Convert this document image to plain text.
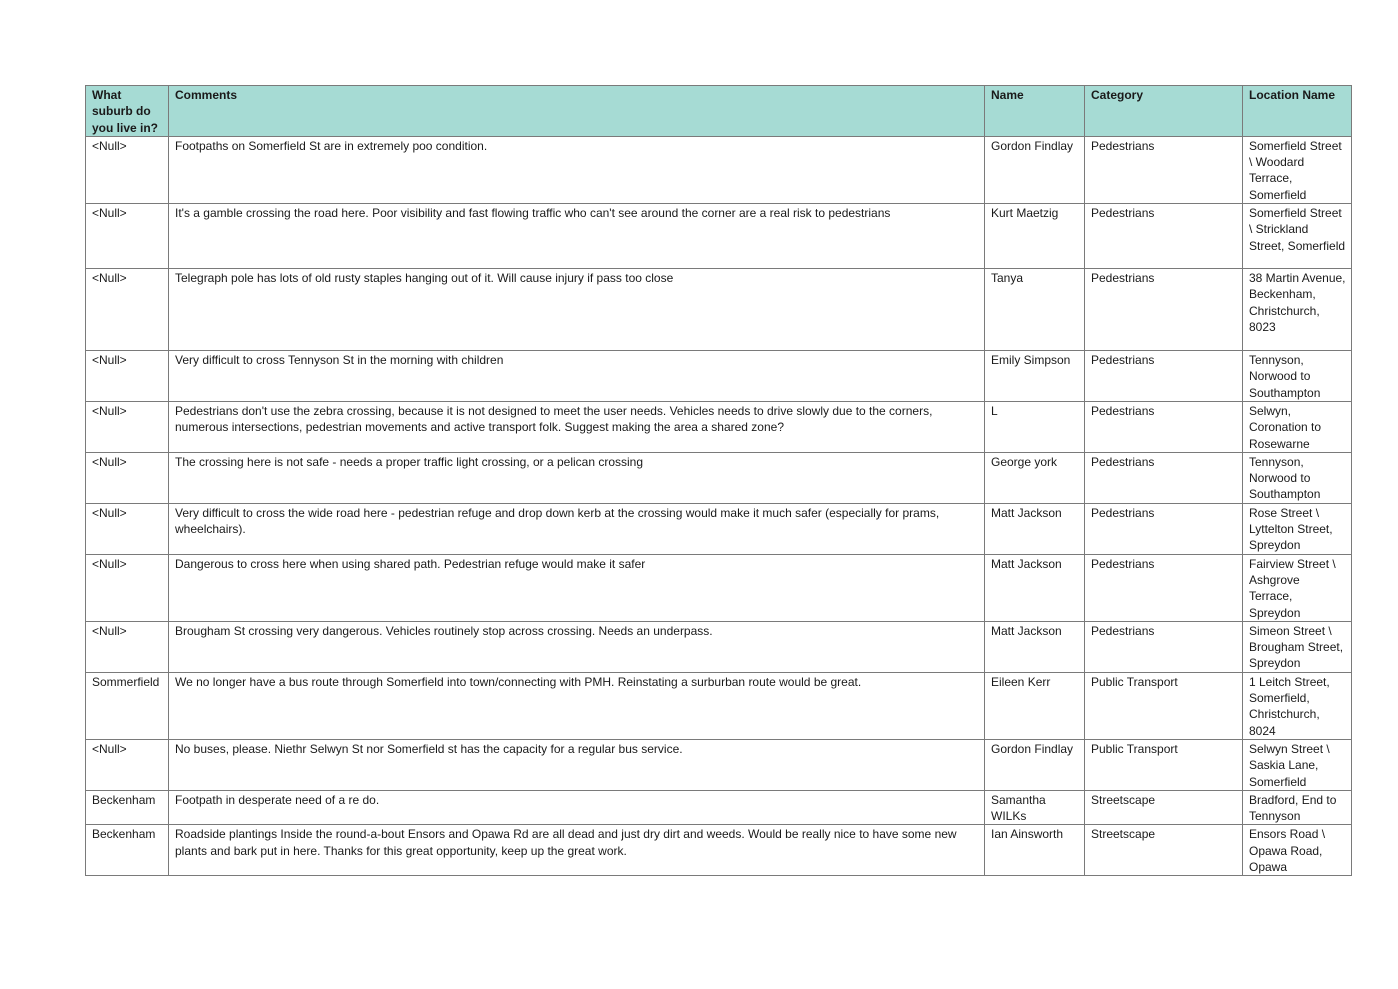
What suburb do you live in?	Comments	Name	Category	Location Name
<Null>	Footpaths on Somerfield St are in extremely poo condition.	Gordon Findlay	Pedestrians	Somerfield Street \ Woodard Terrace, Somerfield
<Null>	It's a gamble crossing the road here. Poor visibility and fast flowing traffic who can't see around the corner are a real risk to pedestrians	Kurt Maetzig	Pedestrians	Somerfield Street \ Strickland Street, Somerfield
<Null>	Telegraph pole has lots of old rusty staples hanging out of it. Will cause injury if pass too close	Tanya	Pedestrians	38 Martin Avenue, Beckenham, Christchurch, 8023
<Null>	Very difficult to cross Tennyson St in the morning with children	Emily Simpson	Pedestrians	Tennyson, Norwood to Southampton
<Null>	Pedestrians don't use the zebra crossing, because it is not designed to meet the user needs. Vehicles needs to drive slowly due to the corners, numerous intersections, pedestrian movements and active transport folk. Suggest making the area a shared zone?	L	Pedestrians	Selwyn, Coronation to Rosewarne
<Null>	The crossing here is not safe - needs a proper traffic light crossing, or a pelican crossing	George york	Pedestrians	Tennyson, Norwood to Southampton
<Null>	Very difficult to cross the wide road here - pedestrian refuge and drop down kerb at the crossing would make it much safer (especially for prams, wheelchairs).	Matt Jackson	Pedestrians	Rose Street \ Lyttelton Street, Spreydon
<Null>	Dangerous to cross here when using shared path. Pedestrian refuge would make it safer	Matt Jackson	Pedestrians	Fairview Street \ Ashgrove Terrace, Spreydon
<Null>	Brougham St crossing very dangerous. Vehicles routinely stop across crossing. Needs an underpass.	Matt Jackson	Pedestrians	Simeon Street \ Brougham Street, Spreydon
Sommerfield	We no longer have a bus route through Somerfield into town/connecting with PMH. Reinstating a surburban route would be great.	Eileen Kerr	Public Transport	1 Leitch Street, Somerfield, Christchurch, 8024
<Null>	No buses, please. Niethr Selwyn St nor Somerfield st has the capacity for a regular bus service.	Gordon Findlay	Public Transport	Selwyn Street \ Saskia Lane, Somerfield
Beckenham	Footpath in desperate need of a re do.	Samantha WILKs	Streetscape	Bradford, End to Tennyson
Beckenham	Roadside plantings Inside the round-a-bout Ensors and Opawa Rd are all dead and just dry dirt and weeds. Would be really nice to have some new plants and bark put in here. Thanks for this great opportunity, keep up the great work.	Ian Ainsworth	Streetscape	Ensors Road \ Opawa Road, Opawa
